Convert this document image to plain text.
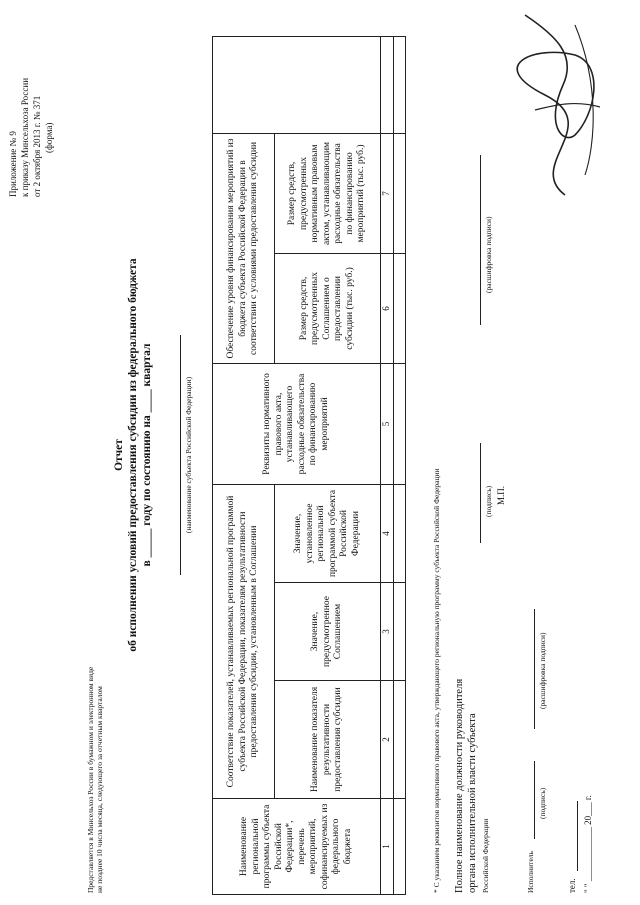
Приложение № 9 к приказу Минсельхоза России от 2 октября 2013 г. № 371 (форма)
Представляется в Минсельхоз России в бумажном и электронном виде не позднее 10 числа месяца, следующего за отчетным кварталом
Отчет об исполнении условий предоставления субсидии из федерального бюджета в _____ году по состоянию на ____ квартал	(наименование субъекта Российской Федерации)
Наименование региональной программы субъекта Российской Федерации*, перечень мероприятий, софинансируемых из федерального бюджета	Соответствие показателей, устанавливаемых региональной программой субъекта Российской Федерации, показателям результативности предоставления субсидии, установленным в Соглашении			Реквизиты нормативного правового акта, устанавливающего расходные обязательства по финансированию мероприятий	Обеспечение уровня финансирования мероприятий из бюджета субъекта Российской Федерации в соответствии с условиями предоставления субсидии		
	Наименование показателя результативности предоставления субсидии	Значение, предусмотренное Соглашением	Значение, установленное региональной программой субъекта Российской Федерации		Размер средств, предусмотренных Соглашением о предоставлении субсидии (тыс. руб.)	Размер средств, предусмотренных нормативным правовым актом, устанавливающим расходные обязательства по финансированию мероприятий (тыс. руб.)	
1	2	3	4	5	6	7	

* С указанием реквизитов нормативного правового акта, утверждающего региональную программу субъекта Российской Федерации Полное наименование должности руководителя органа исполнительной власти субъекта Российской Федерации
(подпись) М.П.
(расшифровка подписи)
Исполнитель
(подпись)
(расшифровка подписи)
тел. " " ____________ 20___ г.
